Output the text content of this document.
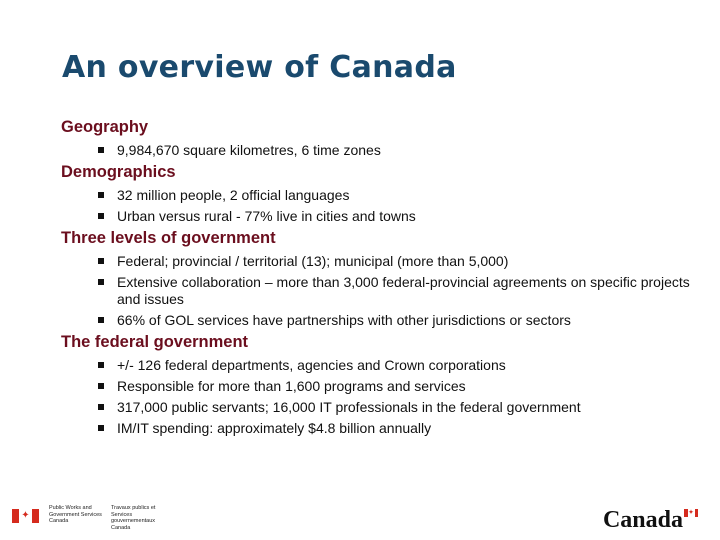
An overview of Canada
Geography
9,984,670 square kilometres, 6 time zones
Demographics
32 million people, 2 official languages
Urban versus rural - 77% live in cities and towns
Three levels of government
Federal; provincial / territorial (13); municipal (more than 5,000)
Extensive collaboration – more than 3,000 federal-provincial agreements on specific projects and issues
66% of GOL services have partnerships with other jurisdictions or sectors
The federal government
+/- 126 federal departments, agencies and Crown corporations
Responsible for more than 1,600 programs and services
317,000 public servants; 16,000 IT professionals in the federal government
IM/IT spending: approximately $4.8 billion annually
✦
Public Works and Government Services Canada
Travaux publics et Services gouvernementaux Canada	Canada ✦
